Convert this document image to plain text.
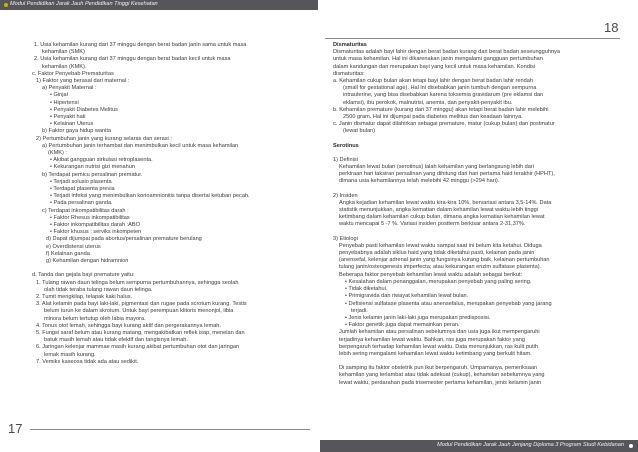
Modul Pendidikan Jarak Jauh Pendidikan Tinggi Kesehatan
18
1. Usia kehamilan kurang dari 37 minggu dengan berat badan janin sama untuk masa
kehamilan (SMK)
2. Usia kehamilan kurang dari 37 minggu dengan berat badan kecil untuk masa
kehamilan (KMK).
c. Faktor Penyebab Prematuritas
1) Faktor yang berasal dari maternal :
a) Penyakit Maternal :
• Ginjal
• Hipertensi
• Penyakit Diabetes Melitus
• Penyakit hati
• Kelainan Uterus
b) Faktor gaya hidup wanita
2) Pertumbuhan janin yang kurang selaras dan serasi :
a) Pertumbuhan janin terhambat dan menimbulkan kecil untuk masa kehamilan
(KMK) :
• Akibat gangguan sirkulasi retroplasenta.
• Kekurangan nutrisi gizi menahun
b) Terdapat pemicu persalinan prematur.
• Terjadi solusio plasenta
• Terdapat plasenta previa
• Terjadi infeksi yang menimbulkan korioamnionitis tanpa disertai ketuban pecah.
• Pada persalinan ganda.
c) Terdapat inkompatibilitas darah :
• Faktor Rhesus inkompatibilitas
• Faktor inkompatibilitas darah :ABO
• Faktor khusus : serviks inkompeten
d) Dapat dijumpai pada abortus/persalinan premature berulang
e) Overdistensi uterus
f) Kelainan ganda
g) Kehamilan dengan hidramnion
d. Tanda dan gejala bayi premature yaitu:
1. Tulang rawan daun telinga belum sempurna pertumbuhannya, sehingga seolah
olah tidak teraba tulang rawan daun telinga.
2. Tumit mengkilap, telapak kaki halus.
3. Alat kelamin pada bayi laki-laki, pigmentasi dan rugae pada scrotum kurang. Testis
belum turun ke dalam skrotum. Untuk bayi perempuan klitoris menonjol, libia
minora belum tertutup oleh labia mayora.
4. Tonus otot lemah, sehingga bayi kurang aktif dan pergerakannya lemah.
5. Fungsi saraf belum atau kurang matang, mengakibatkan reflek isap, menelan dan
batuk masih lemah atau tidak efektif dan tangisnya lemah.
6. Jaringan kelenjar mammae masih kurang akibat pertumbuhan otot dan jaringan
lemak masih kurang.
7. Vemiks kaseosa tidak ada atau sedikit.
Dismaturitas
Dismaturitas adalah bayi lahir dengan berat badan kurang dari berat badan seseungguhnya
untuk masa kehamilan. Hal ini dikarenakan janin mengalami gangguan pertumbuhan
dalam kandungan dan merupakan bayi yang kecil untuk masa kehamilan. Kondisi
dismaturitas:
a. Kehamilan cukup bulan akan tetapi bayi lahir dengan berat badan lahir rendah
(small for gestational age). Hal ini disebabkan janin tumbuh dengan sempurna
intrauterine, yang bisa disebabkan karena toksemia gravidarum (pre eklamsi dan
eklamsi), ibu perokok, malnutrisi, anemia, dan penyakit-penyakit ibu.
b. Kehamilan premature (kurang dari 37 minggu) akan tetapi berat badan lahir melebihi
2500 gram. Hal ini dijumpai pada diabetes mellitus dan keadaan lainnya.
c. Janin dismatur dapat dilahirkan sebagai premature, matur (cukup bulan) dan postmatur
(lewat bulan)
Serotinus
1) Definisi
Kehamilan lewat bulan (serotinus) ialah kehamilan yang berlangsung lebih dari
perkiraan hari taksiran persalinan yang dihitung dari hari pertama haid terakhir (HPHT),
dimana usia kehamilannya telah melebihi 42 minggu (>294 hari).
2) Insiden
Angka kejadian kehamilan lewat waktu kira-kira 10%, bervariasi antara 3,5-14%. Data
statistik menunjukkan, angka kematian dalam kehamilan lewat waktu lebih tinggi
ketimbang dalam kehamilan cukup bulan, dimana angka kematian kehamilan lewat
waktu mencapai 5 -7 %. Variasi insiden postterm berkisar antara 2-31,37%.
3) Etiologi
Penyebab pasti kehamilan lewat waktu sampai saat ini belum kita ketahui. Diduga
penyebabnya adalah siklus haid yang tidak diketahui pasti, kelainan pada janin
(anensefal, kelenjar adrenal janin yang fungsinya kurang baik, kelainan pertumbuhan
tulang janin/osteogenesis imperfecta; atau kekurangan enzim sulfatase plasenta).
Beberapa faktor penyebab kehamilan lewat waktu adalah sebagai berikut:
• Kesalahan dalam penanggalan, merupakan penyebab yang paling sering.
• Tidak diketahui.
• Primigravida dan riwayat kehamilan lewat bulan.
• Defisiensi sulfatase plasenta atau anensefalus, merupakan penyebab yang jarang
terjadi.
• Jenis kelamin janin laki-laki juga merupakan predisposisi.
• Faktor genetik juga dapat memainkan peran.
Jumlah kehamilan atau persalinan sebelumnya dan usia juga ikut mempengaruhi
terjadinya kehamilan lewat waktu. Bahkan, ras juga merupakan faktor yang
berpengaruh terhadap kehamilan lewat waktu. Data menunjukkan, ras kulit putih
lebih sering mengalami kehamilan lewat waktu ketimbang yang berkulit hitam.
Di samping itu faktor obstetrik pun ikut berpengaruh. Umpamanya, pemeriksaan
kehamilan yang terlambat atau tidak adekuat (cukup), kehamilan sebelumnya yang
lewat waktu, perdarahan pada trisemester pertama kehamilan, jenis kelamin janin
17
Modul Pendidikan Jarak Jauh Jenjang Diploma 3 Program Studi Kebidanan
